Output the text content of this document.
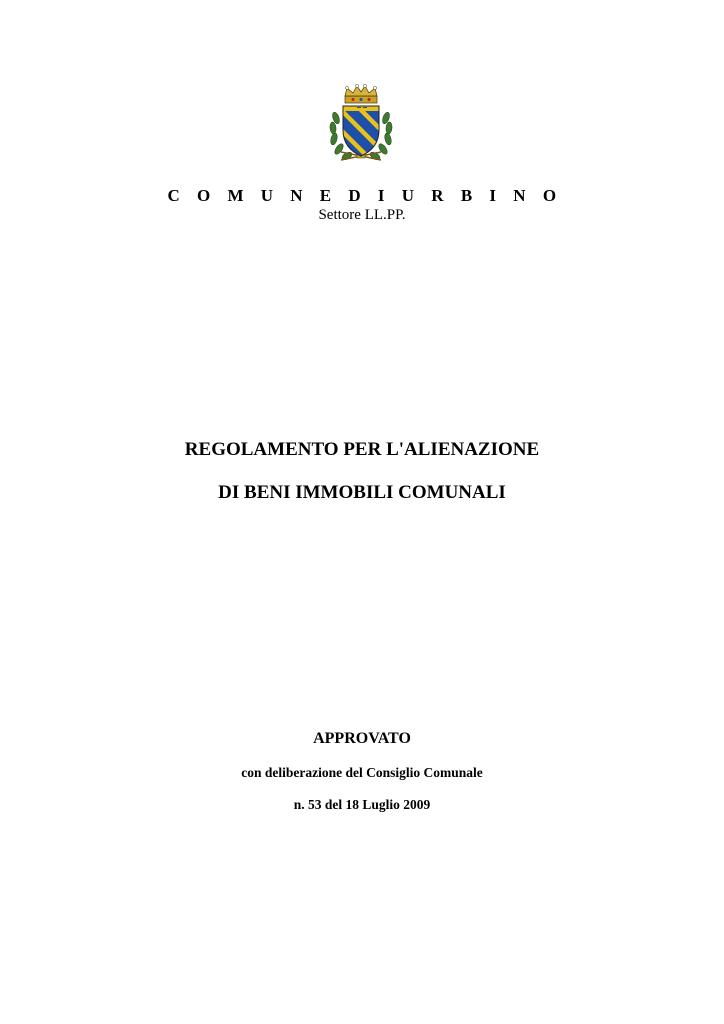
C O M U N E D I U R B I N O
Settore LL.PP.
REGOLAMENTO PER L'ALIENAZIONE
DI BENI IMMOBILI COMUNALI
APPROVATO
con deliberazione del Consiglio Comunale
n. 53 del 18 Luglio 2009
